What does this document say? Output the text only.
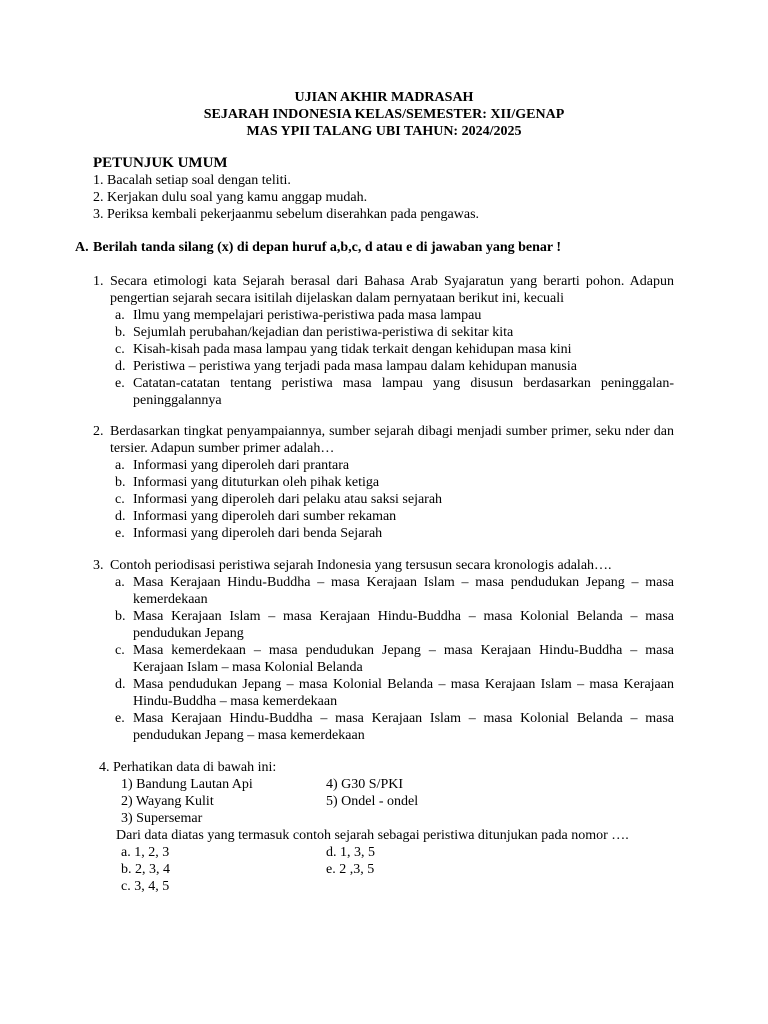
UJIAN AKHIR MADRASAH
SEJARAH INDONESIA KELAS/SEMESTER: XII/GENAP
MAS YPII TALANG UBI TAHUN: 2024/2025
PETUNJUK UMUM
1. Bacalah setiap soal dengan teliti.
2. Kerjakan dulu soal yang kamu anggap mudah.
3. Periksa kembali pekerjaanmu sebelum diserahkan pada pengawas.
A. Berilah tanda silang (x) di depan huruf a,b,c, d atau e di jawaban yang benar !
1. Secara etimologi kata Sejarah berasal dari Bahasa Arab Syajaratun yang berarti pohon. Adapun pengertian sejarah secara isitilah dijelaskan dalam pernyataan berikut ini, kecuali
a. Ilmu yang mempelajari peristiwa-peristiwa pada masa lampau
b. Sejumlah perubahan/kejadian dan peristiwa-peristiwa di sekitar kita
c. Kisah-kisah pada masa lampau yang tidak terkait dengan kehidupan masa kini
d. Peristiwa – peristiwa yang terjadi pada masa lampau dalam kehidupan manusia
e. Catatan-catatan tentang peristiwa masa lampau yang disusun berdasarkan peninggalan-peninggalannya
2. Berdasarkan tingkat penyampaiannya, sumber sejarah dibagi menjadi sumber primer, seku nder dan tersier. Adapun sumber primer adalah…
a. Informasi yang diperoleh dari prantara
b. Informasi yang dituturkan oleh pihak ketiga
c. Informasi yang diperoleh dari pelaku atau saksi sejarah
d. Informasi yang diperoleh dari sumber rekaman
e. Informasi yang diperoleh dari benda Sejarah
3. Contoh periodisasi peristiwa sejarah Indonesia yang tersusun secara kronologis adalah….
a. Masa Kerajaan Hindu-Buddha – masa Kerajaan Islam – masa pendudukan Jepang – masa kemerdekaan
b. Masa Kerajaan Islam – masa Kerajaan Hindu-Buddha – masa Kolonial Belanda – masa pendudukan Jepang
c. Masa kemerdekaan – masa pendudukan Jepang – masa Kerajaan Hindu-Buddha – masa Kerajaan Islam – masa Kolonial Belanda
d. Masa pendudukan Jepang – masa Kolonial Belanda – masa Kerajaan Islam – masa Kerajaan Hindu-Buddha – masa kemerdekaan
e. Masa Kerajaan Hindu-Buddha – masa Kerajaan Islam – masa Kolonial Belanda – masa pendudukan Jepang – masa kemerdekaan
4. Perhatikan data di bawah ini:
1) Bandung Lautan Api	4) G30 S/PKI
2) Wayang Kulit	5) Ondel - ondel
3) Supersemar
Dari data diatas yang termasuk contoh sejarah sebagai peristiwa ditunjukan pada nomor ….
a. 1, 2, 3	d. 1, 3, 5
b. 2, 3, 4	e. 2 ,3, 5
c. 3, 4, 5
